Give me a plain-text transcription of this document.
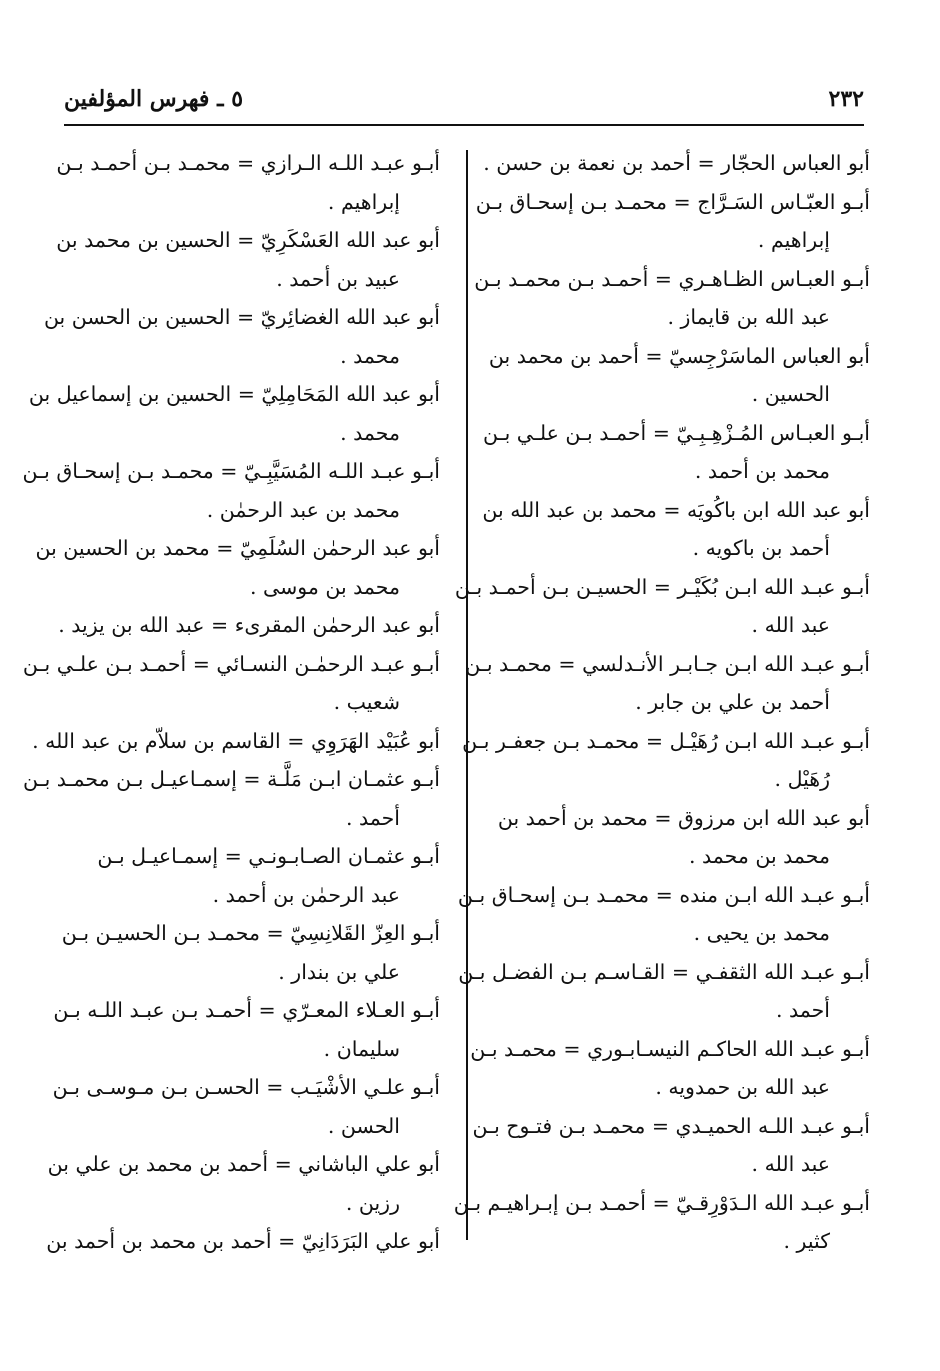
٢٣٢
٥ ـ فهرس المؤلفين
أبو العباس الحجّار = أحمد بن نعمة بن حسن .
أبـو العبّـاس السَـرَّاج = محمـد بـن إسحـاق بـن
إبراهيم .
أبـو العبـاس الظـاهـري = أحمـد بـن محمـد بـن
عبد الله بن قايماز .
أبو العباس الماسَرْجِسيّ = أحمد بن محمد بن
الحسين .
أبـو العبـاس المُـزْهِـبِـيّ = أحمـد بـن علـي بـن
محمد بن أحمد .
أبو عبد الله ابن باكُويَه = محمد بن عبد الله بن
أحمد بن باكويه .
أبـو عبـد الله ابـن بُكَيْـر = الحسيـن بـن أحمـد بـن
عبد الله .
أبـو عبـد الله ابـن جـابـر الأنـدلسي = محمـد بـن
أحمد بن علي بن جابر .
أبـو عبـد الله ابـن رُهَيْـل = محمـد بـن جعفـر بـن
رُهَيْل .
أبو عبد الله ابن مرزوق = محمد بن أحمد بن
محمد بن محمد .
أبـو عبـد الله ابـن منده = محمـد بـن إسحـاق بـن
محمد بن يحيى .
أبـو عبـد الله الثقفـي = القـاسـم بـن الفضـل بـن
أحمد .
أبـو عبـد الله الحاكـم النيسـابـوري = محمـد بـن
عبد الله بن حمدويه .
أبـو عبـد اللـه الحميـدي = محمـد بـن فتـوح بـن
عبد الله .
أبـو عبـد الله الـدَوْرِقـيّ = أحمـد بـن إبـراهيـم بـن
كثير .
أبـو عبـد اللـه الـرازي = محمـد بـن أحمـد بـن
إبراهيم .
أبو عبد الله العَسْكَرِيّ = الحسين بن محمد بن
عبيد بن أحمد .
أبو عبد الله الغضائِريّ = الحسين بن الحسن بن
محمد .
أبو عبد الله المَحَامِلِيّ = الحسين بن إسماعيل بن
محمد .
أبـو عبـد اللـه المُسَيَّبِـيّ = محمـد بـن إسحـاق بـن
محمد بن عبد الرحمٰن .
أبو عبد الرحمٰن السُلَمِيّ = محمد بن الحسين بن
محمد بن موسى .
أبو عبد الرحمٰن المقرىء = عبد الله بن يزيد .
أبـو عبـد الرحمٰـن النسـائي = أحمـد بـن علـي بـن
شعيب .
أبو عُبَيْد الهَرَوِي = القاسم بن سلاّم بن عبد الله .
أبـو عثمـان ابـن مَلَّـة = إسمـاعيـل بـن محمـد بـن
أحمد .
أبـو عثمـان الصـابـونـي = إسمـاعيـل بـن
عبد الرحمٰن بن أحمد .
أبـو العِزّ القَلانِسِيّ = محمـد بـن الحسيـن بـن
علي بن بندار .
أبـو العـلاء المعـرّي = أحمـد بـن عبـد اللـه بـن
سليمان .
أبـو علـي الأشْيَـب = الحسـن بـن مـوسـى بـن
الحسن .
أبو علي الباشاني = أحمد بن محمد بن علي بن
رزين .
أبو علي البَرَدَانِيّ = أحمد بن محمد بن أحمد بن
